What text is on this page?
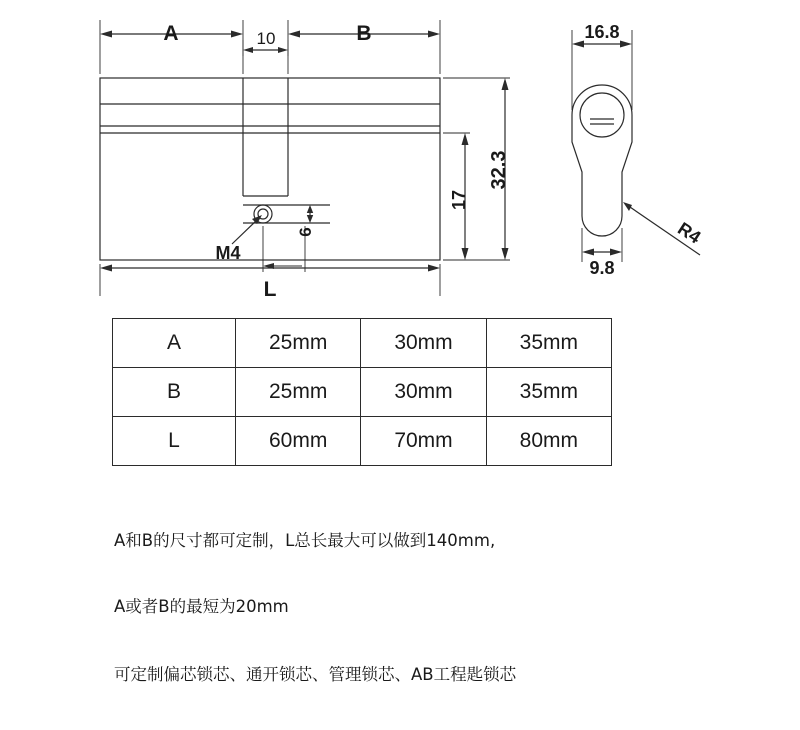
A	10	B
L
32.3
17
6
M4
16.8
9.8
R4
A	25mm	30mm	35mm
B	25mm	30mm	35mm
L	60mm	70mm	80mm

A和B的尺寸都可定制，L总长最大可以做到140mm,

A或者B的最短为20mm

可定制偏芯锁芯、通开锁芯、管理锁芯、AB工程匙锁芯
